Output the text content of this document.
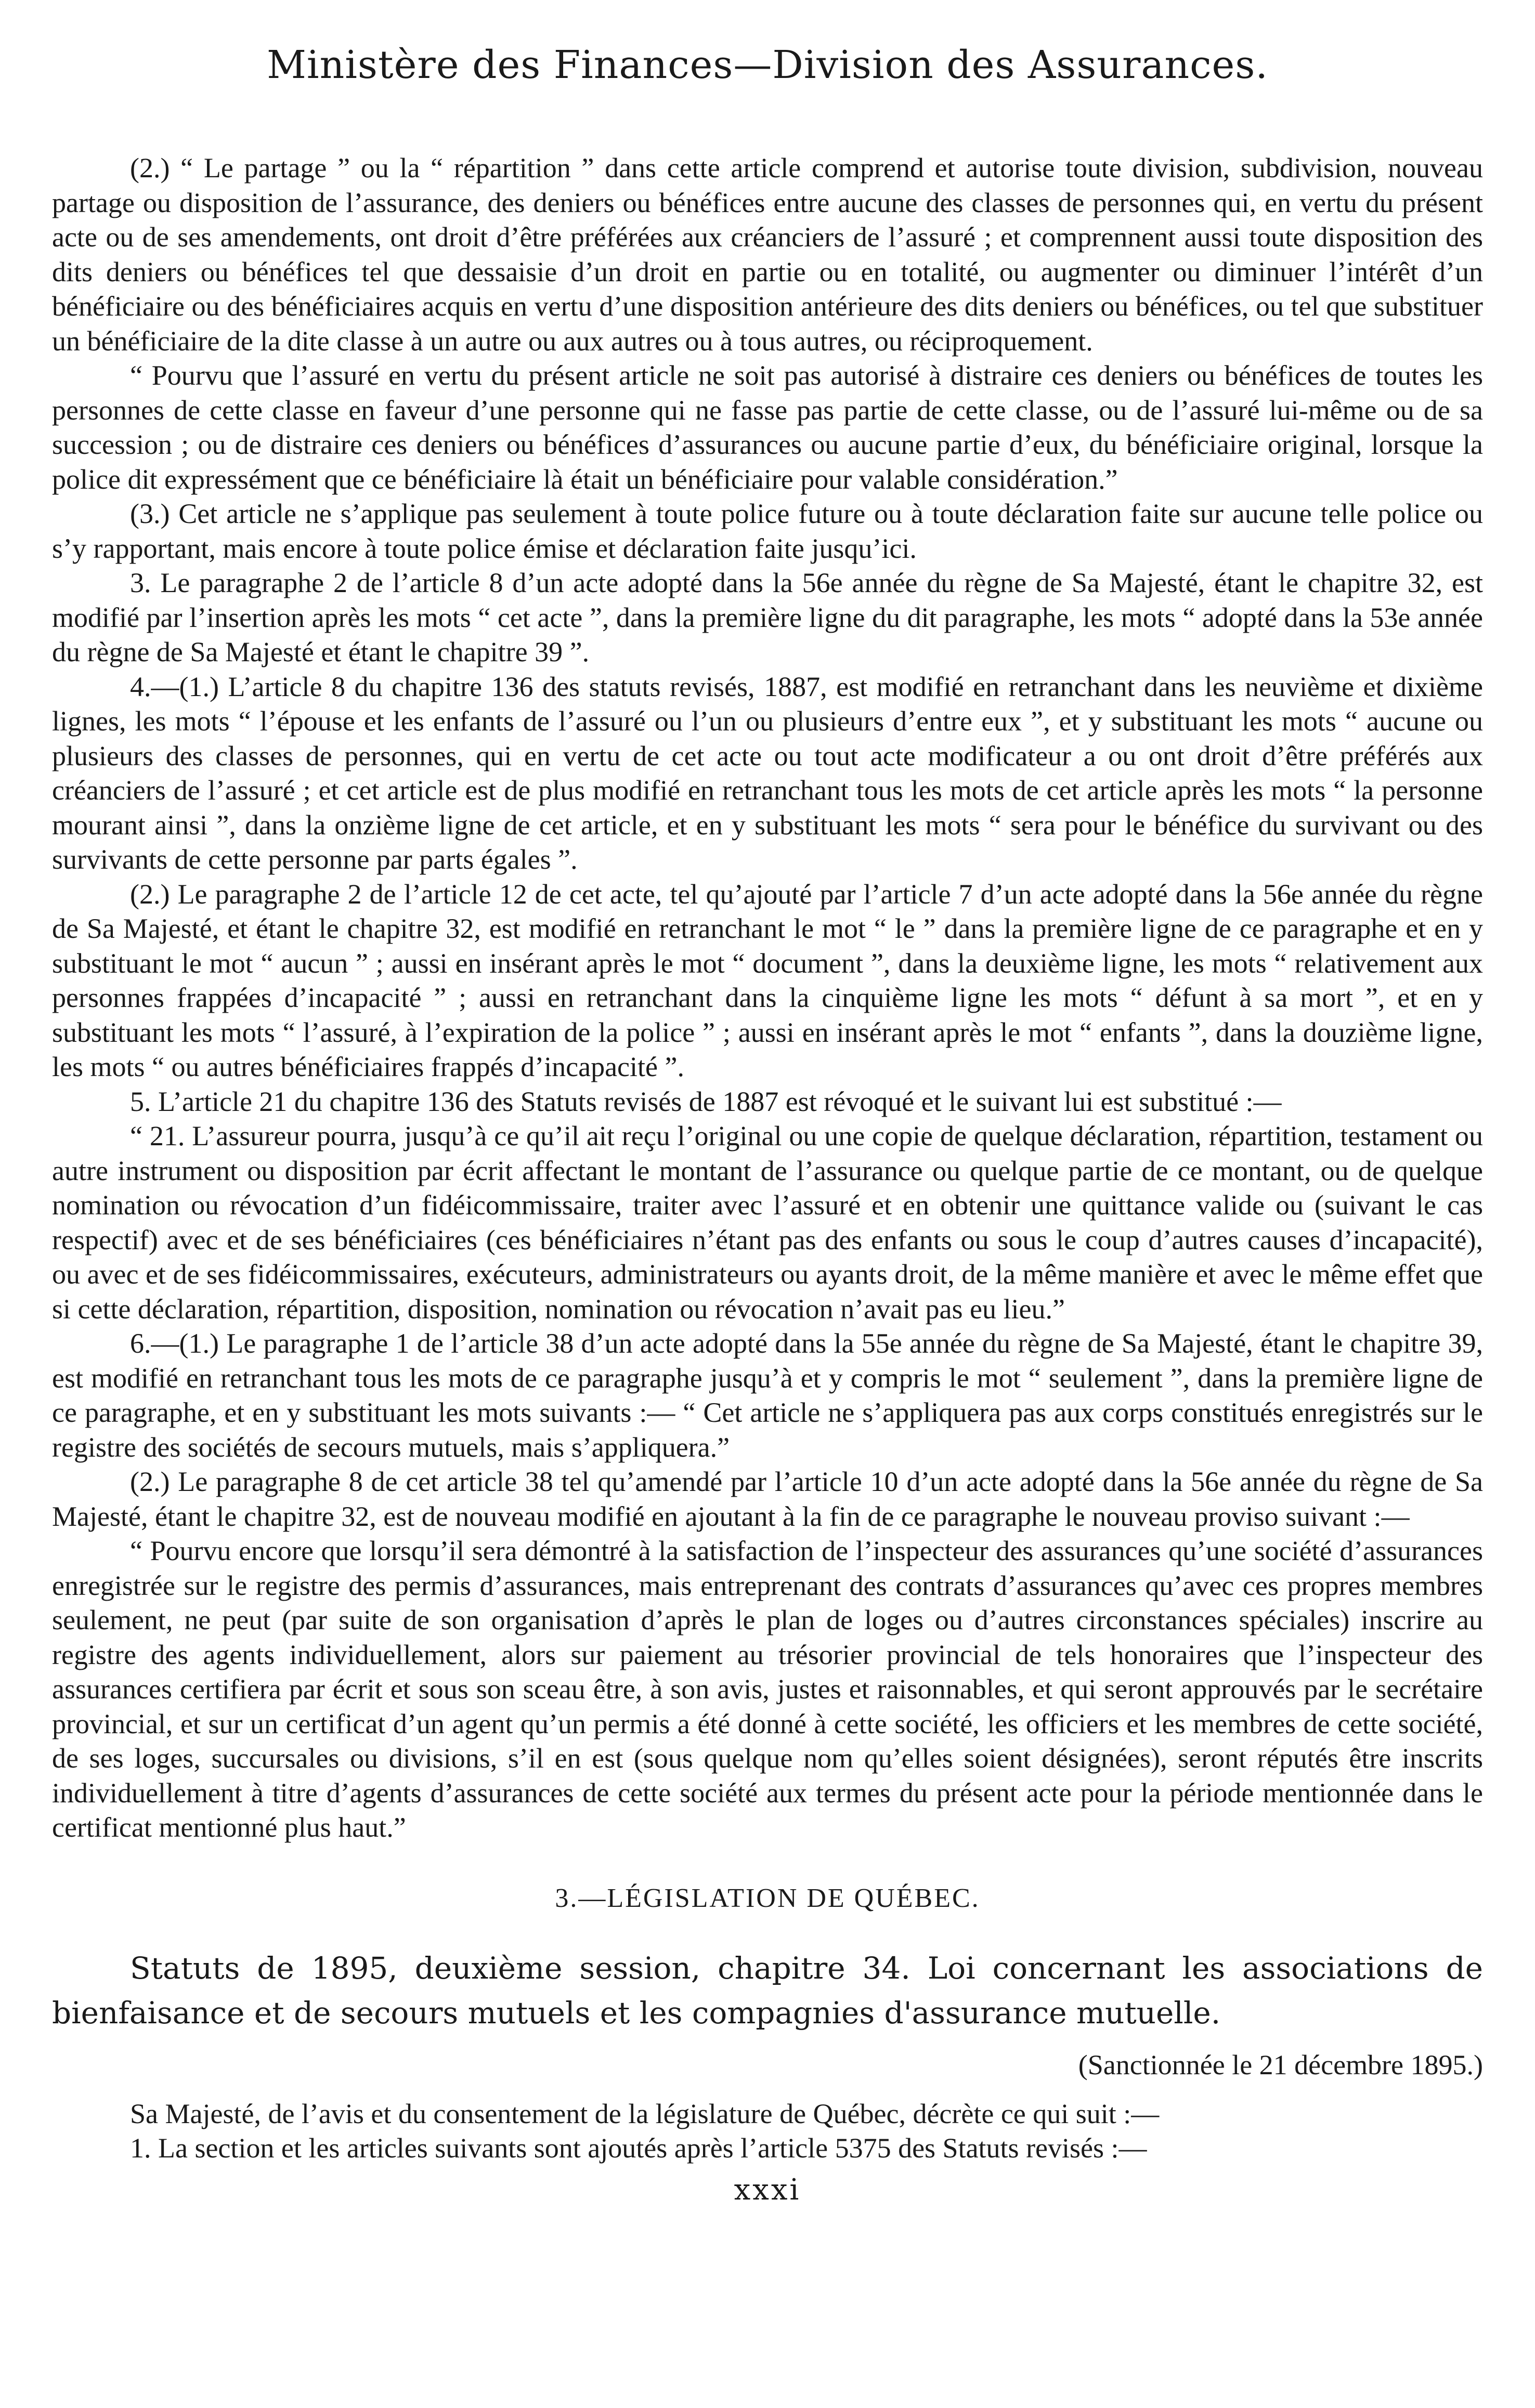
Ministère des Finances—Division des Assurances.

(2.) “ Le partage ” ou la “ répartition ” dans cette article comprend et autorise toute division, subdivision, nouveau partage ou disposition de l’assurance, des deniers ou bénéfices entre aucune des classes de personnes qui, en vertu du présent acte ou de ses amendements, ont droit d’être préférées aux créanciers de l’assuré ; et comprennent aussi toute disposition des dits deniers ou bénéfices tel que dessaisie d’un droit en partie ou en totalité, ou augmenter ou diminuer l’intérêt d’un bénéficiaire ou des bénéficiaires acquis en vertu d’une disposition antérieure des dits deniers ou bénéfices, ou tel que substituer un bénéficiaire de la dite classe à un autre ou aux autres ou à tous autres, ou réciproquement.

“ Pourvu que l’assuré en vertu du présent article ne soit pas autorisé à distraire ces deniers ou bénéfices de toutes les personnes de cette classe en faveur d’une personne qui ne fasse pas partie de cette classe, ou de l’assuré lui-même ou de sa succession ; ou de distraire ces deniers ou bénéfices d’assurances ou aucune partie d’eux, du bénéficiaire original, lorsque la police dit expressément que ce bénéficiaire là était un bénéficiaire pour valable considération.”

(3.) Cet article ne s’applique pas seulement à toute police future ou à toute déclaration faite sur aucune telle police ou s’y rapportant, mais encore à toute police émise et déclaration faite jusqu’ici.

3. Le paragraphe 2 de l’article 8 d’un acte adopté dans la 56e année du règne de Sa Majesté, étant le chapitre 32, est modifié par l’insertion après les mots “ cet acte ”, dans la première ligne du dit paragraphe, les mots “ adopté dans la 53e année du règne de Sa Majesté et étant le chapitre 39 ”.

4.—(1.) L’article 8 du chapitre 136 des statuts revisés, 1887, est modifié en retranchant dans les neuvième et dixième lignes, les mots “ l’épouse et les enfants de l’assuré ou l’un ou plusieurs d’entre eux ”, et y substituant les mots “ aucune ou plusieurs des classes de personnes, qui en vertu de cet acte ou tout acte modificateur a ou ont droit d’être préférés aux créanciers de l’assuré ; et cet article est de plus modifié en retranchant tous les mots de cet article après les mots “ la personne mourant ainsi ”, dans la onzième ligne de cet article, et en y substituant les mots “ sera pour le bénéfice du survivant ou des survivants de cette personne par parts égales ”.

(2.) Le paragraphe 2 de l’article 12 de cet acte, tel qu’ajouté par l’article 7 d’un acte adopté dans la 56e année du règne de Sa Majesté, et étant le chapitre 32, est modifié en retranchant le mot “ le ” dans la première ligne de ce paragraphe et en y substituant le mot “ aucun ” ; aussi en insérant après le mot “ document ”, dans la deuxième ligne, les mots “ relativement aux personnes frappées d’incapacité ” ; aussi en retranchant dans la cinquième ligne les mots “ défunt à sa mort ”, et en y substituant les mots “ l’assuré, à l’expiration de la police ” ; aussi en insérant après le mot “ enfants ”, dans la douzième ligne, les mots “ ou autres bénéficiaires frappés d’incapacité ”.

5. L’article 21 du chapitre 136 des Statuts revisés de 1887 est révoqué et le suivant lui est substitué :—

“ 21. L’assureur pourra, jusqu’à ce qu’il ait reçu l’original ou une copie de quelque déclaration, répartition, testament ou autre instrument ou disposition par écrit affectant le montant de l’assurance ou quelque partie de ce montant, ou de quelque nomination ou révocation d’un fidéicommissaire, traiter avec l’assuré et en obtenir une quittance valide ou (suivant le cas respectif) avec et de ses bénéficiaires (ces bénéficiaires n’étant pas des enfants ou sous le coup d’autres causes d’incapacité), ou avec et de ses fidéicommissaires, exécuteurs, administrateurs ou ayants droit, de la même manière et avec le même effet que si cette déclaration, répartition, disposition, nomination ou révocation n’avait pas eu lieu.”

6.—(1.) Le paragraphe 1 de l’article 38 d’un acte adopté dans la 55e année du règne de Sa Majesté, étant le chapitre 39, est modifié en retranchant tous les mots de ce paragraphe jusqu’à et y compris le mot “ seulement ”, dans la première ligne de ce paragraphe, et en y substituant les mots suivants :— “ Cet article ne s’appliquera pas aux corps constitués enregistrés sur le registre des sociétés de secours mutuels, mais s’appliquera.”

(2.) Le paragraphe 8 de cet article 38 tel qu’amendé par l’article 10 d’un acte adopté dans la 56e année du règne de Sa Majesté, étant le chapitre 32, est de nouveau modifié en ajoutant à la fin de ce paragraphe le nouveau proviso suivant :—

“ Pourvu encore que lorsqu’il sera démontré à la satisfaction de l’inspecteur des assurances qu’une société d’assurances enregistrée sur le registre des permis d’assurances, mais entreprenant des contrats d’assurances qu’avec ces propres membres seulement, ne peut (par suite de son organisation d’après le plan de loges ou d’autres circonstances spéciales) inscrire au registre des agents individuellement, alors sur paiement au trésorier provincial de tels honoraires que l’inspecteur des assurances certifiera par écrit et sous son sceau être, à son avis, justes et raisonnables, et qui seront approuvés par le secrétaire provincial, et sur un certificat d’un agent qu’un permis a été donné à cette société, les officiers et les membres de cette société, de ses loges, succursales ou divisions, s’il en est (sous quelque nom qu’elles soient désignées), seront réputés être inscrits individuellement à titre d’agents d’assurances de cette société aux termes du présent acte pour la période mentionnée dans le certificat mentionné plus haut.”

3.—LÉGISLATION DE QUÉBEC.

Statuts de 1895, deuxième session, chapitre 34. Loi concernant les associations de bienfaisance et de secours mutuels et les compagnies d'assurance mutuelle.

(Sanctionnée le 21 décembre 1895.)

Sa Majesté, de l’avis et du consentement de la législature de Québec, décrète ce qui suit :—

1. La section et les articles suivants sont ajoutés après l’article 5375 des Statuts revisés :—

xxxi
